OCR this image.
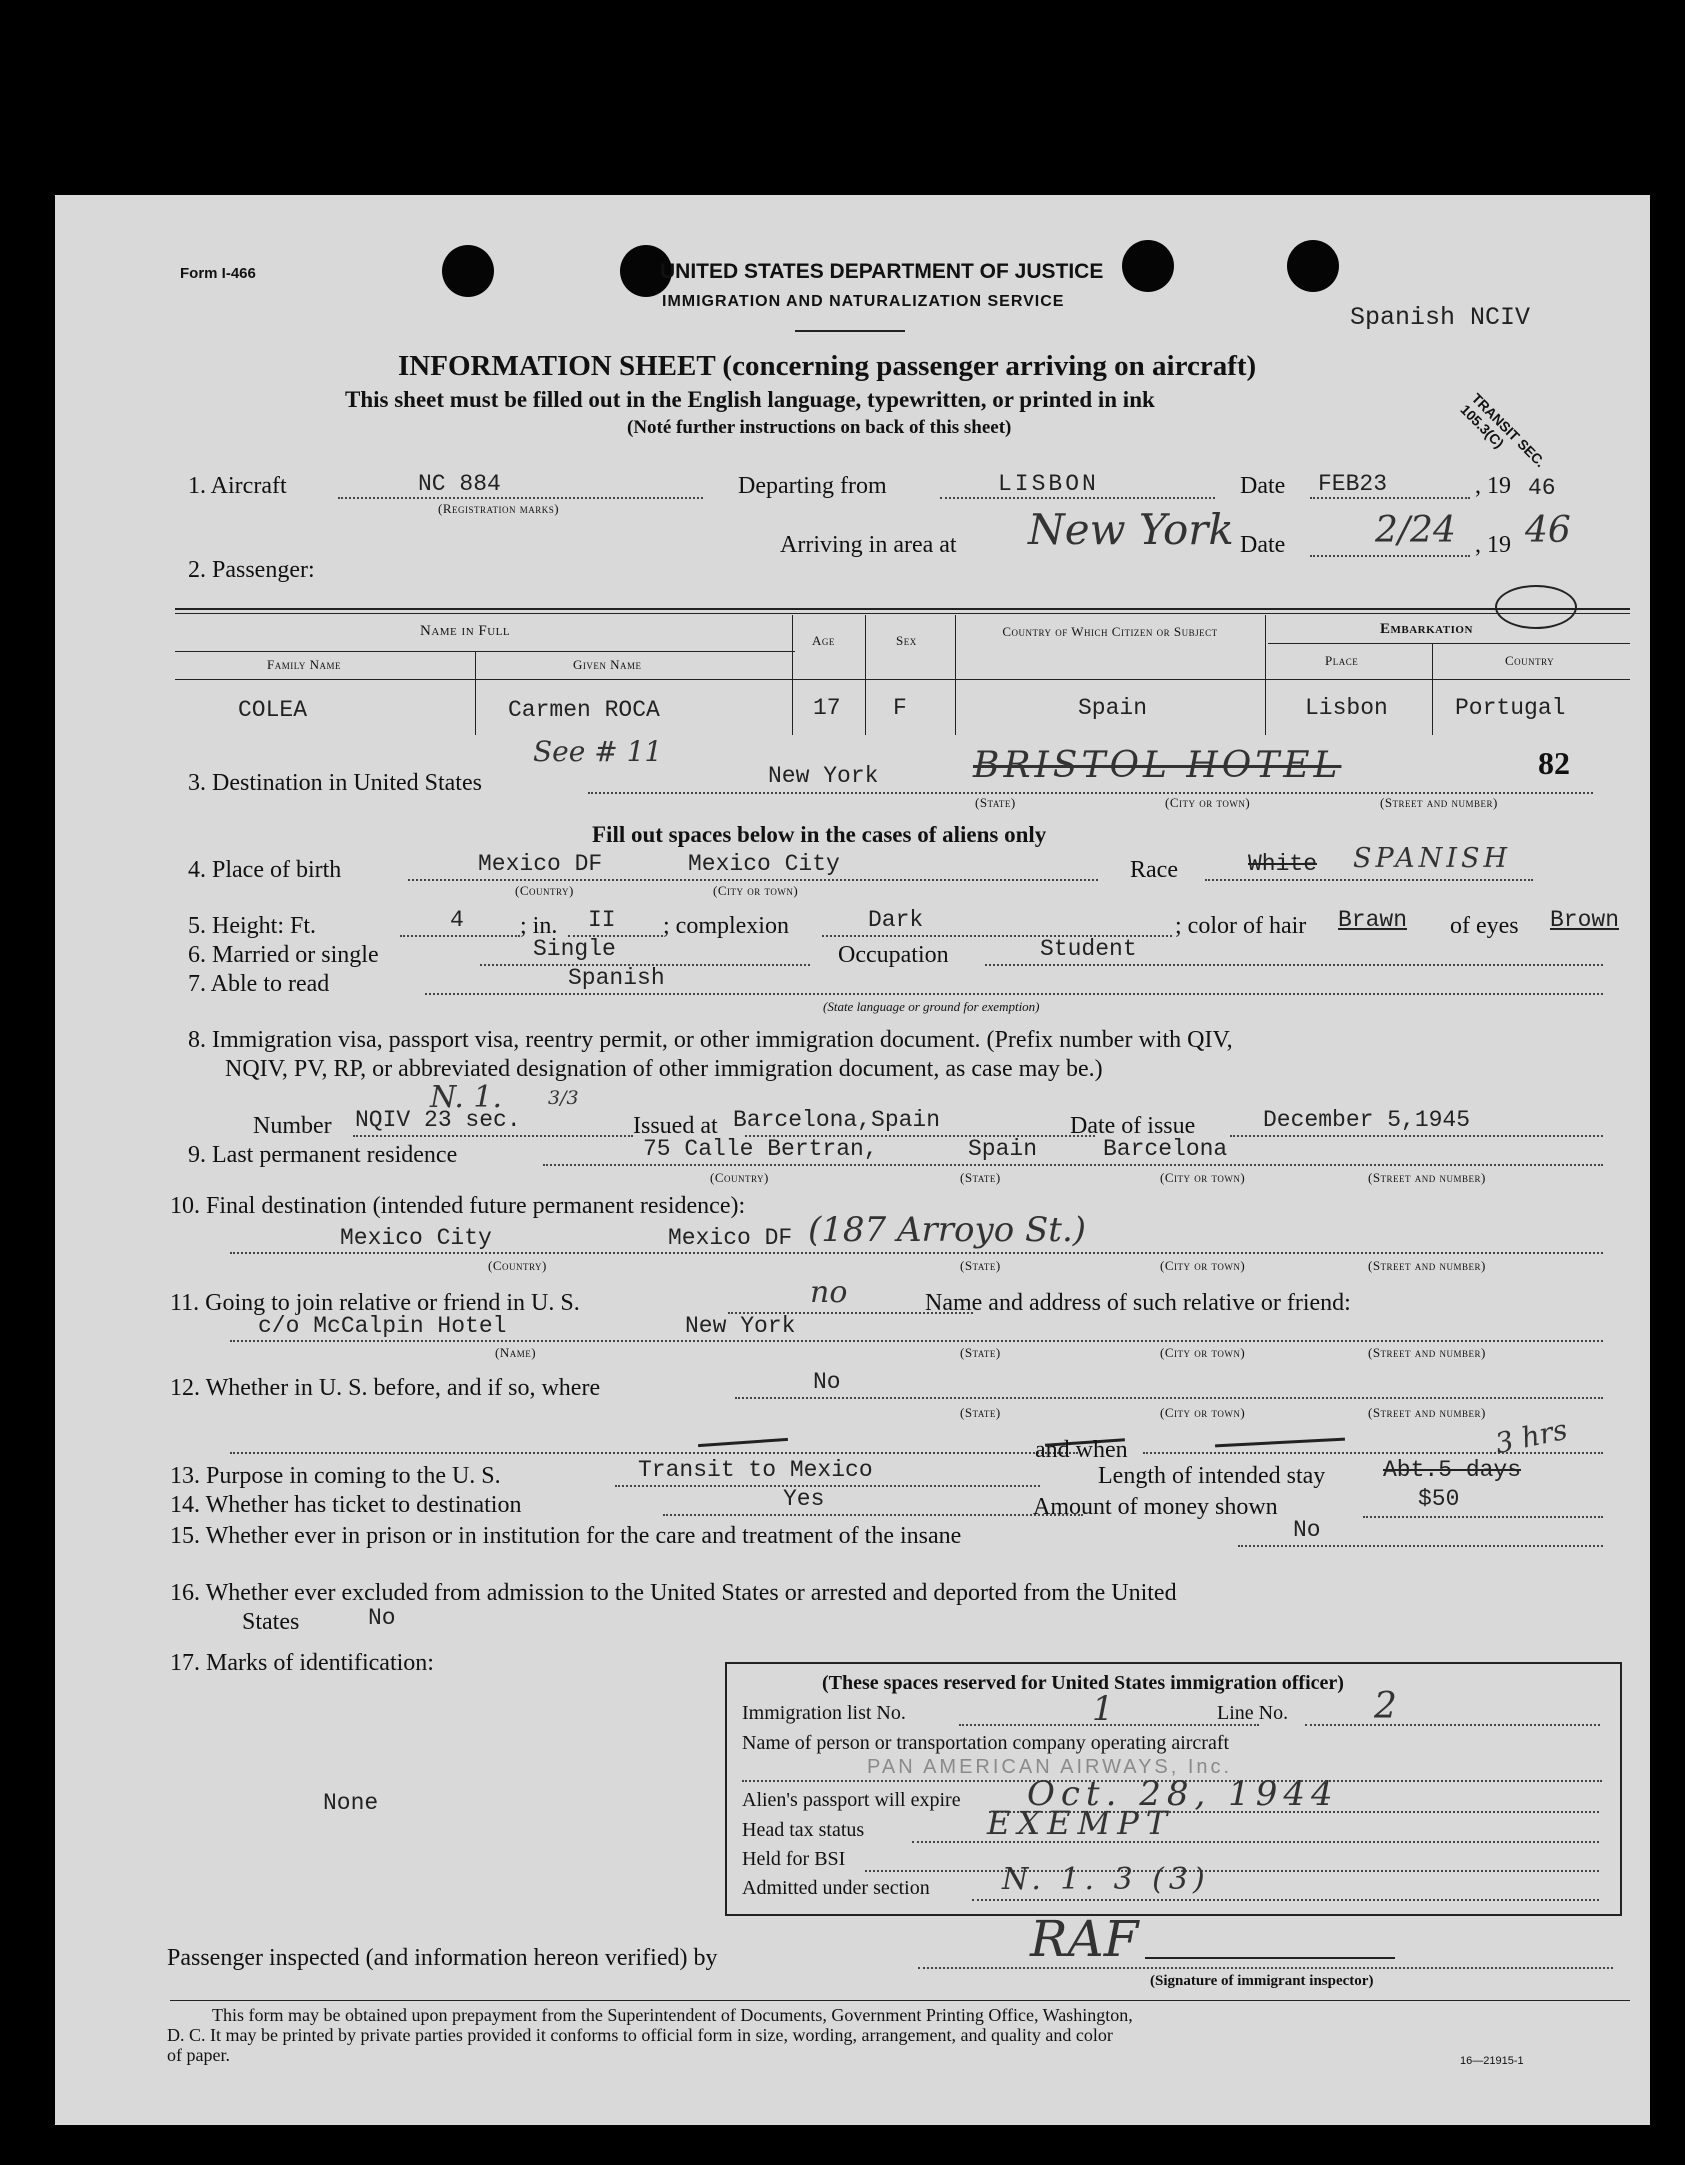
Form I-466	UNITED STATES DEPARTMENT OF JUSTICE
IMMIGRATION AND NATURALIZATION SERVICE
Spanish NCIV
TRANSIT SEC. 105.3(C)
INFORMATION SHEET (concerning passenger arriving on aircraft)
This sheet must be filled out in the English language, typewritten, or printed in ink
(Noté further instructions on back of this sheet)
1. Aircraft	NC 884
(Registration marks)
Departing from	LISBON	Date FEB23	, 19 46
Arriving in area at New York Date 2/24 , 19 46
2. Passenger:
Name in Full
Family Name	Given Name
Age	Sex
Country of Which Citizen or Subject	Embarkation
Place	Country
COLEA	Carmen ROCA	17 F	Spain	Lisbon	Portugal
3. Destination in United States
See # 11
New York	BRISTOL HOTEL	82
(State)	(City or town)	(Street and number)
Fill out spaces below in the cases of aliens only
4. Place of birth	Mexico DF	Mexico City
(Country)	(City or town)
Race	White SPANISH
5. Height: Ft.	4 ; in. II ; complexion	Dark	; color of hair Brawn of eyes Brown
6. Married or single	Single	Occupation	Student
7. Able to read	Spanish
(State language or ground for exemption)
8. Immigration visa, passport visa, reentry permit, or other immigration document. (Prefix number with QIV,
NQIV, PV, RP, or abbreviated designation of other immigration document, as case may be.)
N. 1. 3/3
Number NQIV 23 sec.	Issued at Barcelona,Spain	Date of issue	December 5,1945
9. Last permanent residence	75 Calle Bertran,	Spain	Barcelona
(Country)	(State)	(City or town)	(Street and number)
10. Final destination (intended future permanent residence):
Mexico City	Mexico DF (187 Arroyo St.)
(Country)	(State)	(City or town)	(Street and number)
11. Going to join relative or friend in U. S.	no	Name and address of such relative or friend:
c/o McCalpin Hotel	New York
(Name)	(State)	(City or town)	(Street and number)
12. Whether in U. S. before, and if so, where	No
(State)	(City or town)	(Street and number)
and when
13. Purpose in coming to the U. S.	Transit to Mexico	Length of intended stay	Abt.5 days
3 hrs
14. Whether has ticket to destination	Yes	Amount of money shown	$50
15. Whether ever in prison or in institution for the care and treatment of the insane	No
16. Whether ever excluded from admission to the United States or arrested and deported from the United
States	No
17. Marks of identification:
None
(These spaces reserved for United States immigration officer)
Immigration list No.	1	Line No. 2
Name of person or transportation company operating aircraft
PAN AMERICAN AIRWAYS, Inc.
Alien's passport will expire Oct. 28, 1944
Head tax status	EXEMPT
Held for BSI
Admitted under section N. 1. 3 (3)
Passenger inspected (and information hereon verified) by	RAF
(Signature of immigrant inspector)
This form may be obtained upon prepayment from the Superintendent of Documents, Government Printing Office, Washington,
D. C. It may be printed by private parties provided it conforms to official form in size, wording, arrangement, and quality and color
of paper.	16—21915-1
